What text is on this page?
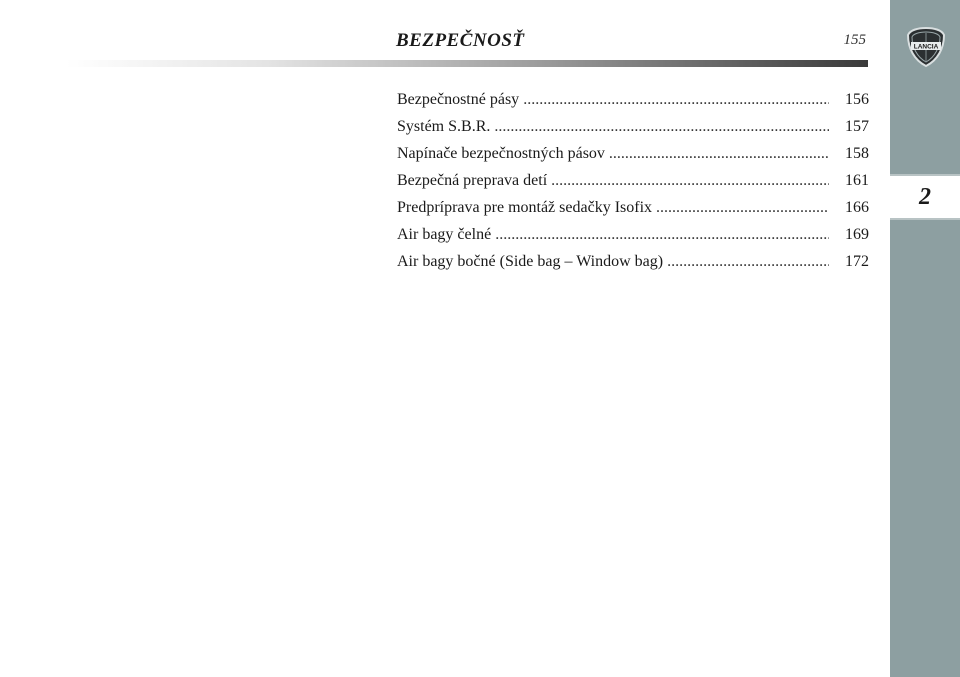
BEZPEČNOSŤ	155
Bezpečnostné pásy .....	156
Systém S.B.R. .....	157
Napínače bezpečnostných pásov .....	158
Bezpečná preprava detí .....	161
Predpríprava pre montáž sedačky Isofix .....	166
Air bagy čelné .....	169
Air bagy bočné (Side bag – Window bag) .....	172
LANCIA
2
